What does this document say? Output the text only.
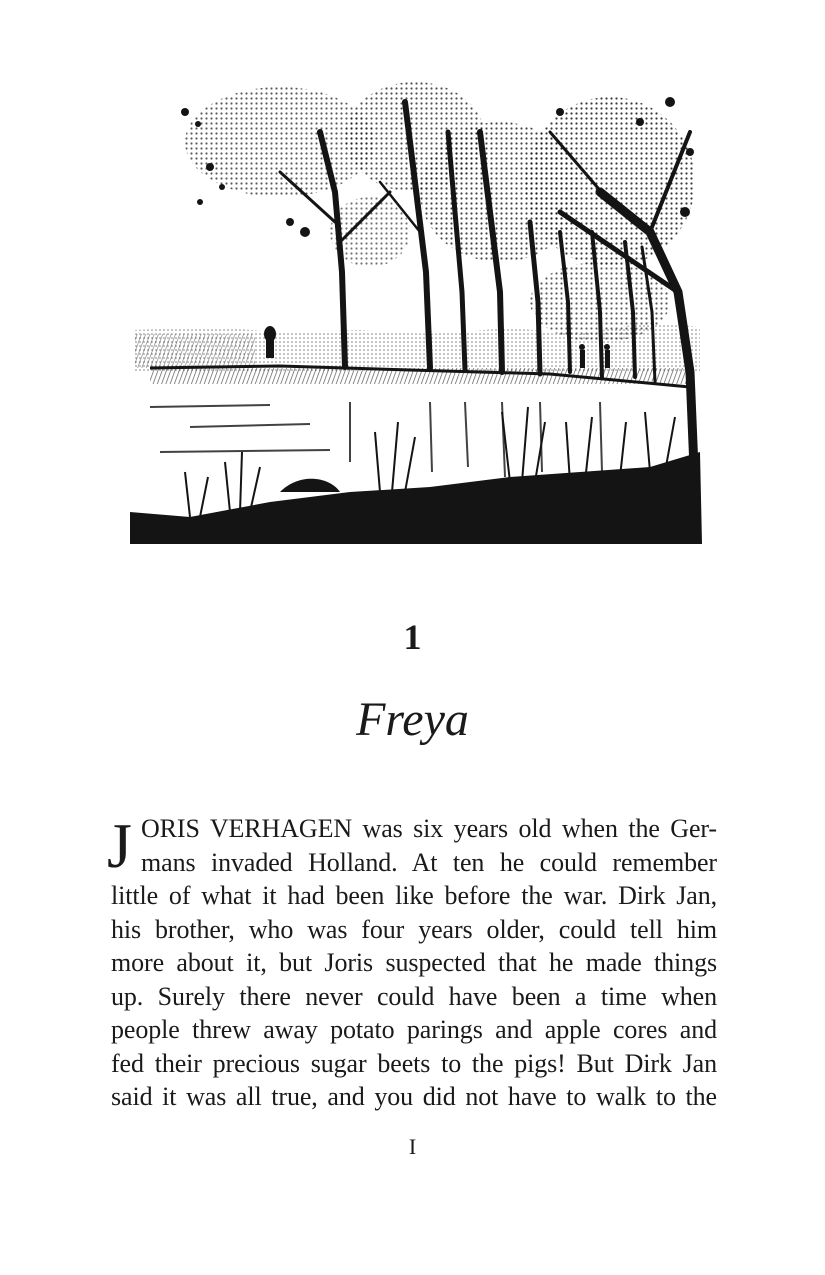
1
Freya
J ORIS VERHAGEN was six years old when the Ger-
mans invaded Holland. At ten he could remember
little of what it had been like before the war. Dirk Jan,
his brother, who was four years older, could tell him
more about it, but Joris suspected that he made things
up. Surely there never could have been a time when
people threw away potato parings and apple cores and
fed their precious sugar beets to the pigs! But Dirk Jan
said it was all true, and you did not have to walk to the
I
